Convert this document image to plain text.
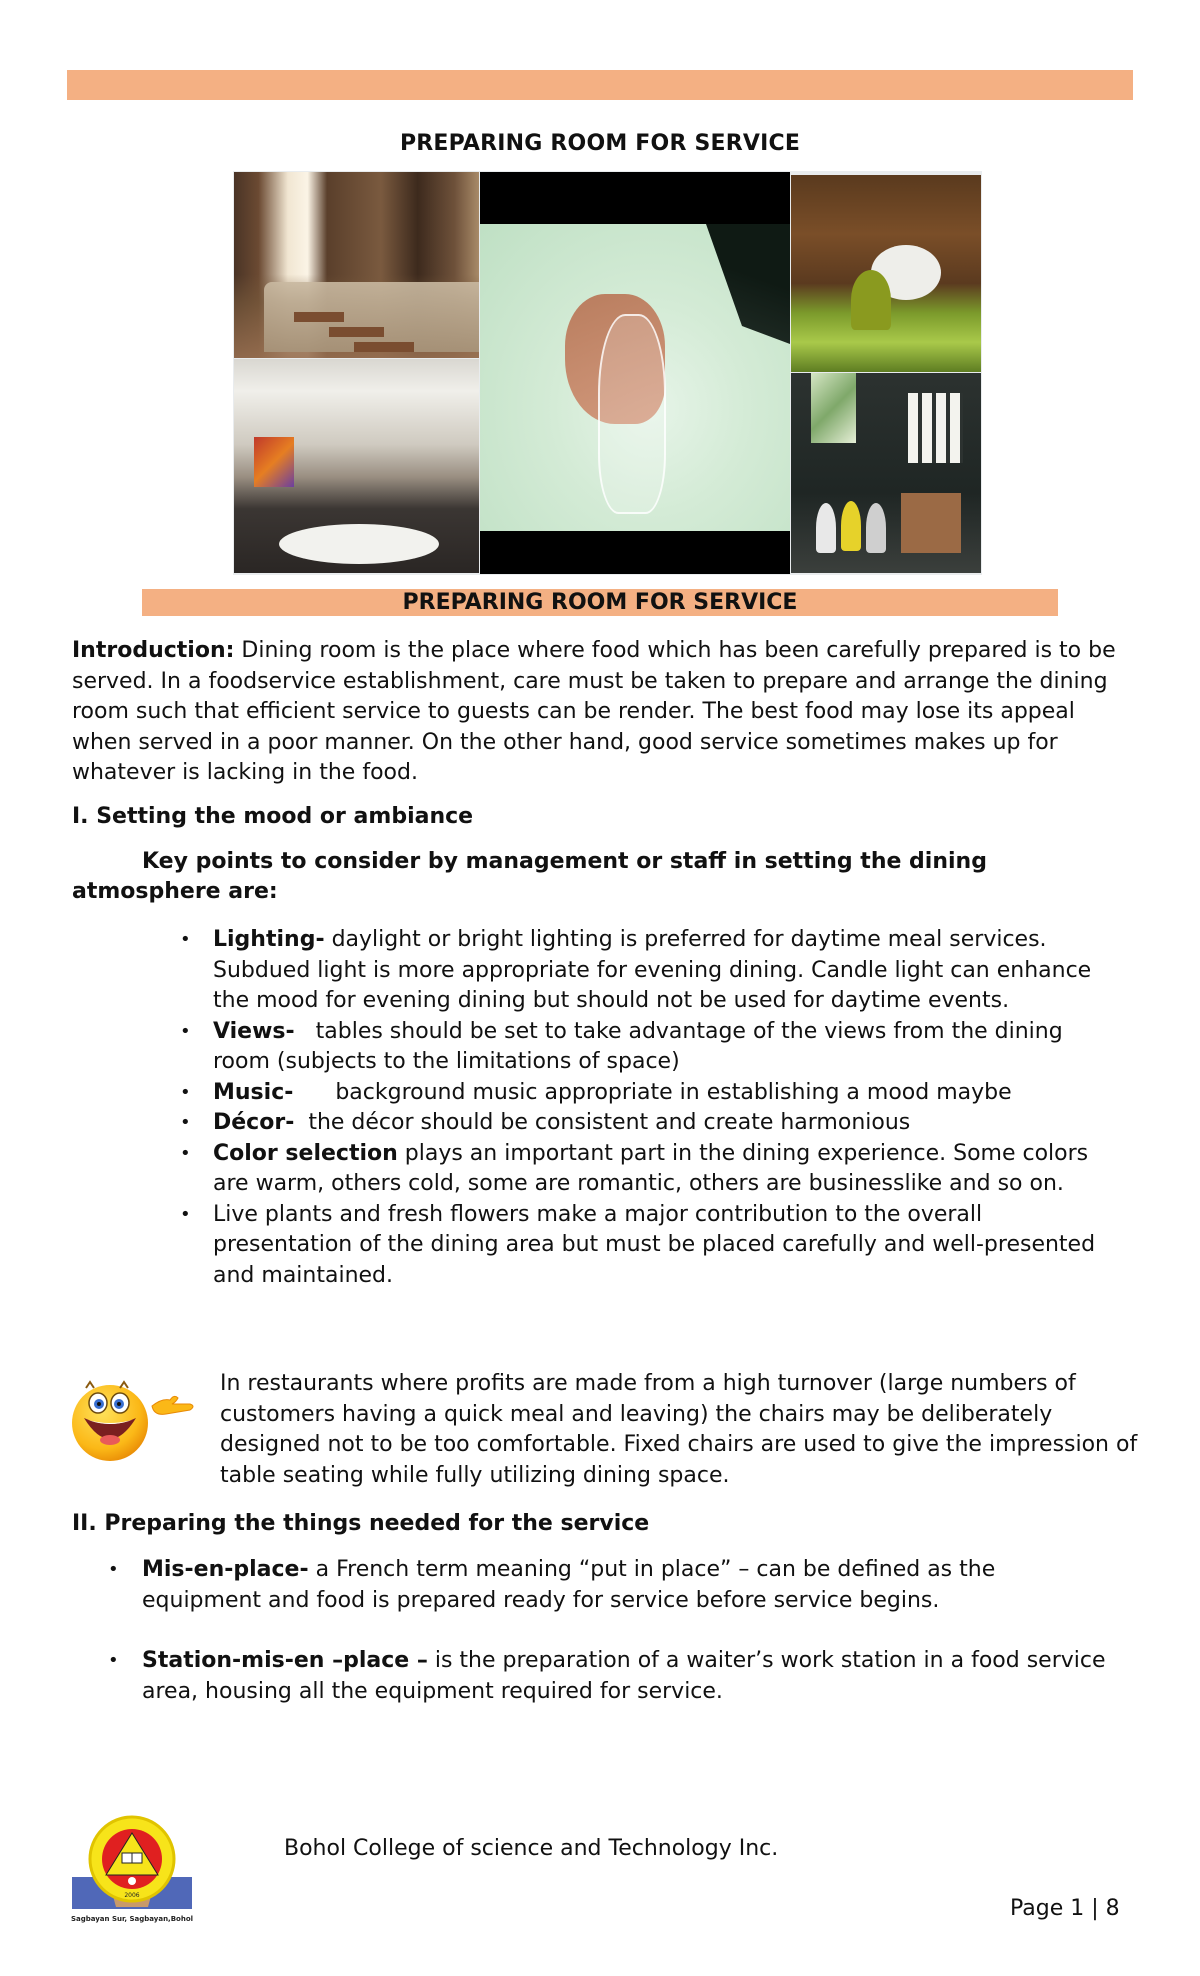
PREPARING ROOM FOR SERVICE
PREPARING ROOM FOR SERVICE

Introduction: Dining room is the place where food which has been carefully prepared is to be served. In a foodservice establishment, care must be taken to prepare and arrange the dining room such that efficient service to guests can be render. The best food may lose its appeal when served in a poor manner. On the other hand, good service sometimes makes up for whatever is lacking in the food.

I. Setting the mood or ambiance
Key points to consider by management or staff in setting the dining atmosphere are:
• Lighting- daylight or bright lighting is preferred for daytime meal services. Subdued light is more appropriate for evening dining. Candle light can enhance the mood for evening dining but should not be used for daytime events.
• Views-   tables should be set to take advantage of the views from the dining room (subjects to the limitations of space)
• Music-      background music appropriate in establishing a mood maybe
• Décor-  the décor should be consistent and create harmonious
• Color selection plays an important part in the dining experience. Some colors are warm, others cold, some are romantic, others are businesslike and so on.
• Live plants and fresh flowers make a major contribution to the overall presentation of the dining area but must be placed carefully and well-presented and maintained.

In restaurants where profits are made from a high turnover (large numbers of customers having a quick meal and leaving) the chairs may be deliberately designed not to be too comfortable. Fixed chairs are used to give the impression of table seating while fully utilizing dining space.

II. Preparing the things needed for the service
• Mis-en-place- a French term meaning “put in place” – can be defined as the equipment and food is prepared ready for service before service begins.
• Station-mis-en –place – is the preparation of a waiter’s work station in a food service area, housing all the equipment required for service.
2006
Sagbayan Sur, Sagbayan,Bohol
Bohol College of science and Technology Inc.
Page 1 | 8
